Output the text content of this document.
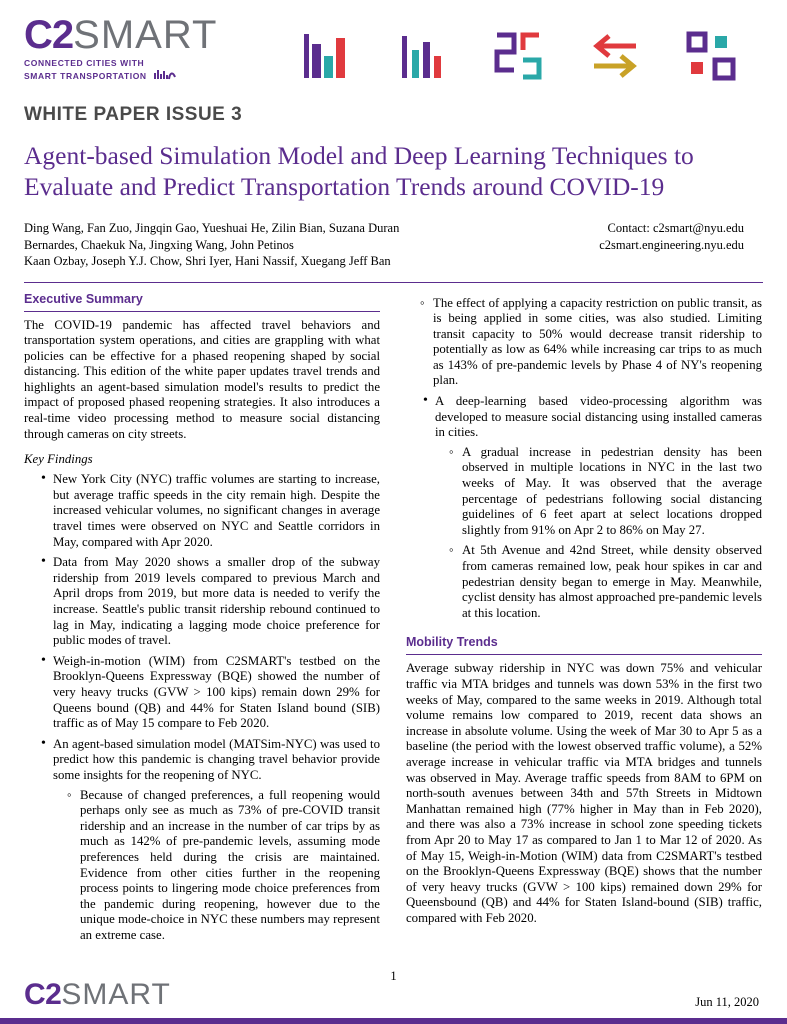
C2SMART
CONNECTED CITIES WITH
SMART TRANSPORTATION
WHITE PAPER ISSUE 3
Agent-based Simulation Model and Deep Learning Techniques to Evaluate and Predict Transportation Trends around COVID-19
Ding Wang, Fan Zuo, Jingqin Gao, Yueshuai He, Zilin Bian, Suzana Duran
Bernardes, Chaekuk Na, Jingxing Wang, John Petinos
Kaan Ozbay, Joseph Y.J. Chow, Shri Iyer, Hani Nassif, Xuegang Jeff Ban
Contact: c2smart@nyu.edu
c2smart.engineering.nyu.edu
Executive Summary

The COVID-19 pandemic has affected travel behaviors and transportation system operations, and cities are grappling with what policies can be effective for a phased reopening shaped by social distancing. This edition of the white paper updates travel trends and highlights an agent-based simulation model's results to predict the impact of proposed phased reopening strategies. It also introduces a real-time video processing method to measure social distancing through cameras on city streets.

Key Findings
• New York City (NYC) traffic volumes are starting to increase, but average traffic speeds in the city remain high. Despite the increased vehicular volumes, no significant changes in average travel times were observed on NYC and Seattle corridors in May, compared with Apr 2020.
• Data from May 2020 shows a smaller drop of the subway ridership from 2019 levels compared to previous March and April drops from 2019, but more data is needed to verify the increase. Seattle's public transit ridership rebound continued to lag in May, indicating a lagging mode choice preference for public modes of travel.
• Weigh-in-motion (WIM) from C2SMART's testbed on the Brooklyn-Queens Expressway (BQE) showed the number of very heavy trucks (GVW > 100 kips) remain down 29% for Queens bound (QB) and 44% for Staten Island bound (SIB) traffic as of May 15 compare to Feb 2020.
• An agent-based simulation model (MATSim-NYC) was used to predict how this pandemic is changing travel behavior provide some insights for the reopening of NYC.
◦ Because of changed preferences, a full reopening would perhaps only see as much as 73% of pre-COVID transit ridership and an increase in the number of car trips by as much as 142% of pre-pandemic levels, assuming mode preferences held during the crisis are maintained. Evidence from other cities further in the reopening process points to lingering mode choice preferences from the pandemic during reopening, however due to the unique mode-choice in NYC these numbers may represent an extreme case.
◦ The effect of applying a capacity restriction on public transit, as is being applied in some cities, was also studied. Limiting transit capacity to 50% would decrease transit ridership to potentially as low as 64% while increasing car trips to as much as 143% of pre-pandemic levels by Phase 4 of NY's reopening plan.
• A deep-learning based video-processing algorithm was developed to measure social distancing using installed cameras in cities.
◦ A gradual increase in pedestrian density has been observed in multiple locations in NYC in the last two weeks of May. It was observed that the average percentage of pedestrians following social distancing guidelines of 6 feet apart at select locations dropped slightly from 91% on Apr 2 to 86% on May 27.
◦ At 5th Avenue and 42nd Street, while density observed from cameras remained low, peak hour spikes in car and pedestrian density began to emerge in May. Meanwhile, cyclist density has almost approached pre-pandemic levels at this location.
Mobility Trends

Average subway ridership in NYC was down 75% and vehicular traffic via MTA bridges and tunnels was down 53% in the first two weeks of May, compared to the same weeks in 2019. Although total volume remains low compared to 2019, recent data shows an increase in absolute volume. Using the week of Mar 30 to Apr 5 as a baseline (the period with the lowest observed traffic volume), a 52% average increase in vehicular traffic via MTA bridges and tunnels was observed in May. Average traffic speeds from 8AM to 6PM on north-south avenues between 34th and 57th Streets in Midtown Manhattan remained high (77% higher in May than in Feb 2020), and there was also a 73% increase in school zone speeding tickets from Apr 20 to May 17 as compared to Jan 1 to Mar 12 of 2020. As of May 15, Weigh-in-Motion (WIM) data from C2SMART's testbed on the Brooklyn-Queens Expressway (BQE) shows that the number of very heavy trucks (GVW > 100 kips) remained down 29% for Queensbound (QB) and 44% for Staten Island-bound (SIB) traffic, compared with Feb 2020.

C2SMART
1
Jun 11, 2020
